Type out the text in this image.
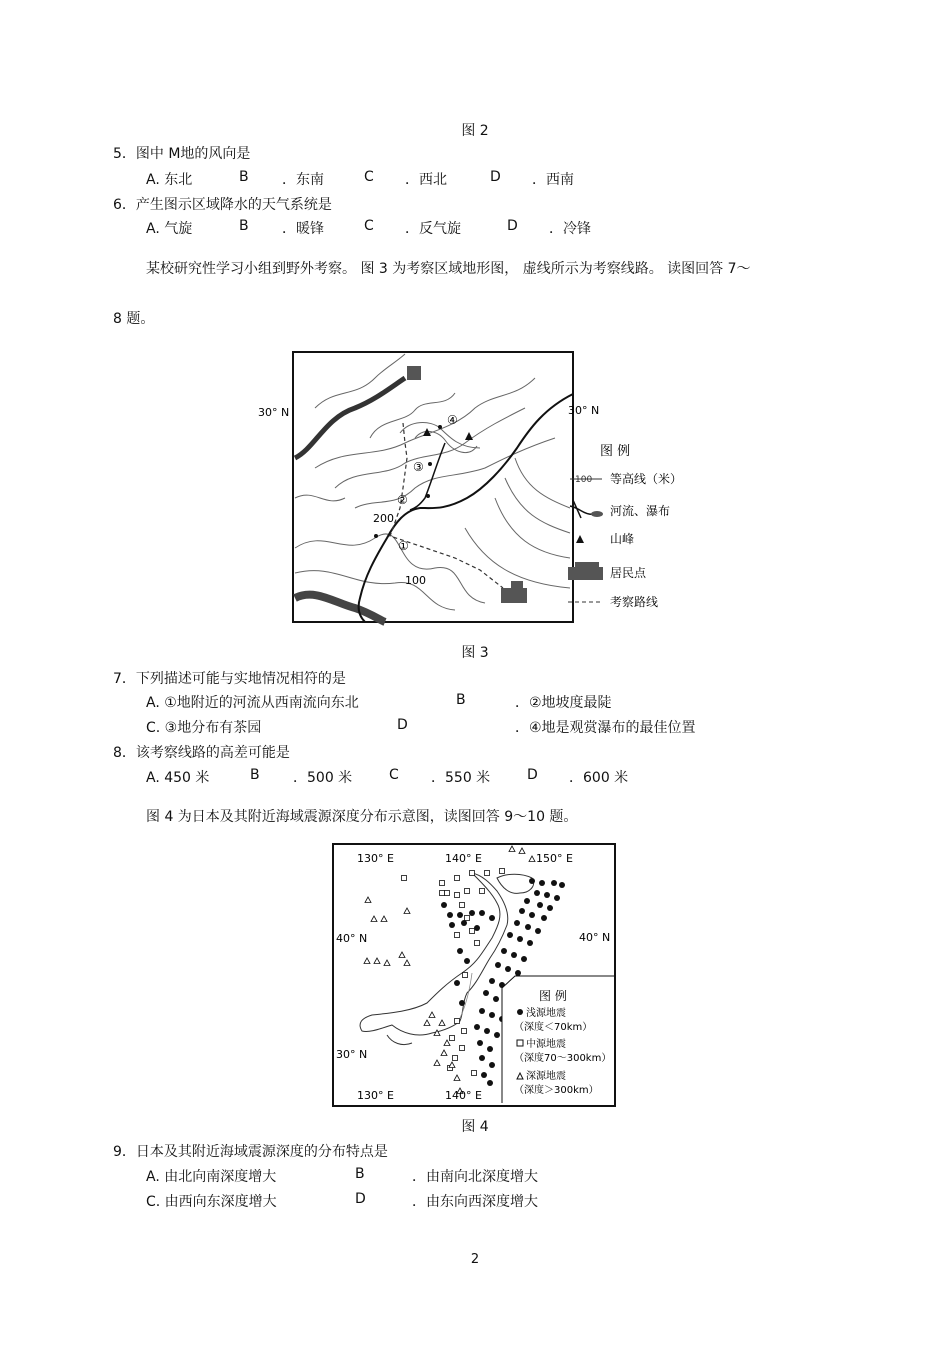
图 2
5．图中 M地的风向是
A. 东北	B ．东南	C ．西北	D ．西南
6．产生图示区域降水的天气系统是
A. 气旋	B ．暖锋	C ．反气旋	D ．冷锋
某校研究性学习小组到野外考察。 图 3 为考察区域地形图， 虚线所示为考察线路。 读图回答 7～
8 题。
④
③
②
①
200
100
30° N	30° N
图 例
100 等高线（米）
河流、瀑布
山峰
居民点
考察路线
图 3
7．下列描述可能与实地情况相符的是
A. ①地附近的河流从西南流向东北	B	．②地坡度最陡
C. ③地分布有茶园	D	．④地是观赏瀑布的最佳位置
8．该考察线路的高差可能是
A. 450 米	B ．500 米	C ．550 米	D ．600 米
图 4 为日本及其附近海域震源深度分布示意图，读图回答 9～10 题。
130° E	140° E	150° E
130° E	140° E
40° N
30° N
40° N
图 例
浅源地震
（深度＜70km）
中源地震
（深度70～300km）
深源地震
（深度＞300km）
图 4
9．日本及其附近海域震源深度的分布特点是
A. 由北向南深度增大	B	．由南向北深度增大
C. 由西向东深度增大	D	．由东向西深度增大
2
